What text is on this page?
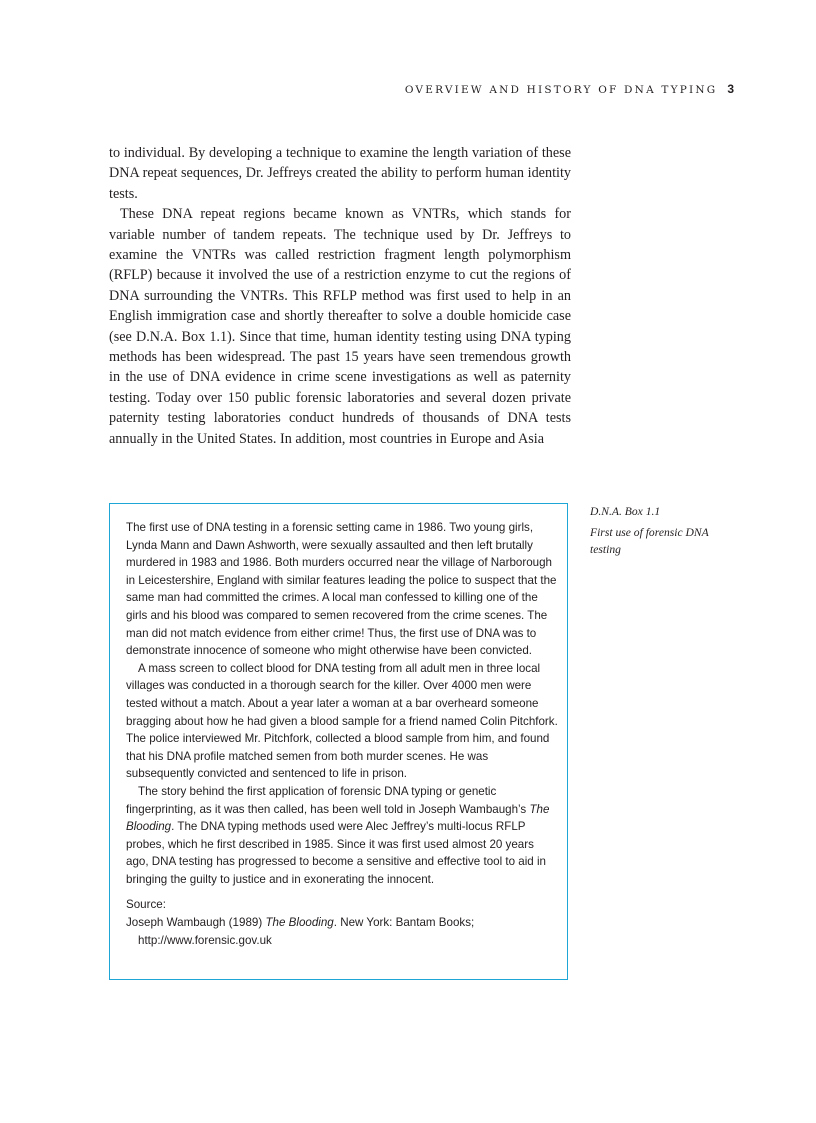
OVERVIEW AND HISTORY OF DNA TYPING 3

to individual. By developing a technique to examine the length variation of these DNA repeat sequences, Dr. Jeffreys created the ability to perform human identity tests.

These DNA repeat regions became known as VNTRs, which stands for variable number of tandem repeats. The technique used by Dr. Jeffreys to examine the VNTRs was called restriction fragment length polymorphism (RFLP) because it involved the use of a restriction enzyme to cut the regions of DNA surrounding the VNTRs. This RFLP method was first used to help in an English immigration case and shortly thereafter to solve a double homicide case (see D.N.A. Box 1.1). Since that time, human identity testing using DNA typing methods has been widespread. The past 15 years have seen tremendous growth in the use of DNA evidence in crime scene investigations as well as paternity testing. Today over 150 public forensic laboratories and several dozen private paternity testing laboratories conduct hundreds of thousands of DNA tests annually in the United States. In addition, most countries in Europe and Asia

The first use of DNA testing in a forensic setting came in 1986. Two young girls, Lynda Mann and Dawn Ashworth, were sexually assaulted and then left brutally murdered in 1983 and 1986. Both murders occurred near the village of Narborough in Leicestershire, England with similar features leading the police to suspect that the same man had committed the crimes. A local man confessed to killing one of the girls and his blood was compared to semen recovered from the crime scenes. The man did not match evidence from either crime! Thus, the first use of DNA was to demonstrate innocence of someone who might otherwise have been convicted.

A mass screen to collect blood for DNA testing from all adult men in three local villages was conducted in a thorough search for the killer. Over 4000 men were tested without a match. About a year later a woman at a bar overheard someone bragging about how he had given a blood sample for a friend named Colin Pitchfork. The police interviewed Mr. Pitchfork, collected a blood sample from him, and found that his DNA profile matched semen from both murder scenes. He was subsequently convicted and sentenced to life in prison.

The story behind the first application of forensic DNA typing or genetic fingerprinting, as it was then called, has been well told in Joseph Wambaugh’s The Blooding. The DNA typing methods used were Alec Jeffrey’s multi-locus RFLP probes, which he first described in 1985. Since it was first used almost 20 years ago, DNA testing has progressed to become a sensitive and effective tool to aid in bringing the guilty to justice and in exonerating the innocent.

Source:
Joseph Wambaugh (1989) The Blooding. New York: Bantam Books;
http://www.forensic.gov.uk

D.N.A. Box 1.1
First use of forensic DNA testing
